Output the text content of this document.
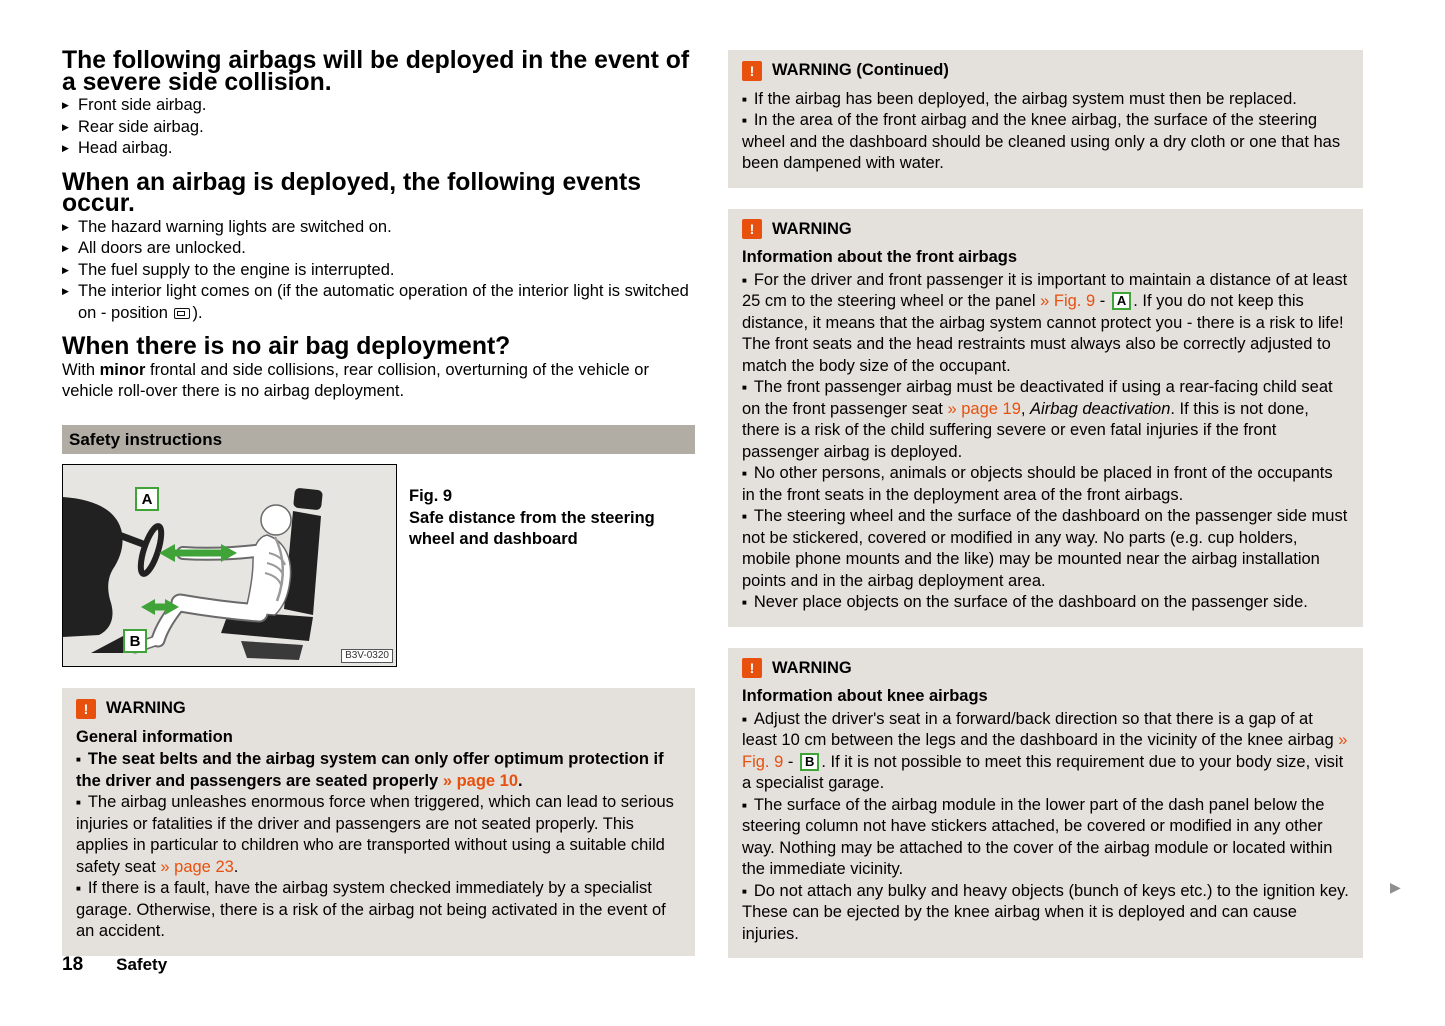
The following airbags will be deployed in the event of a severe side collision.
▶ Front side airbag.
▶ Rear side airbag.
▶ Head airbag.
When an airbag is deployed, the following events occur.
▶ The hazard warning lights are switched on.
▶ All doors are unlocked.
▶ The fuel supply to the engine is interrupted.
▶ The interior light comes on (if the automatic operation of the interior light is switched on - position ).
When there is no air bag deployment?

With minor frontal and side collisions, rear collision, overturning of the vehicle or vehicle roll-over there is no airbag deployment.

Safety instructions
A
B
B3V-0320
Fig. 9
Safe distance from the steering wheel and dashboard
!	WARNING
General information

■ The seat belts and the airbag system can only offer optimum protection if the driver and passengers are seated properly » page 10.

■ The airbag unleashes enormous force when triggered, which can lead to serious injuries or fatalities if the driver and passengers are not seated properly. This applies in particular to children who are transported without using a suitable child safety seat » page 23.

■ If there is a fault, have the airbag system checked immediately by a specialist garage. Otherwise, there is a risk of the airbag not being activated in the event of an accident.

!	WARNING (Continued)

■ If the airbag has been deployed, the airbag system must then be replaced.

■ In the area of the front airbag and the knee airbag, the surface of the steering wheel and the dashboard should be cleaned using only a dry cloth or one that has been dampened with water.

!	WARNING
Information about the front airbags

■ For the driver and front passenger it is important to maintain a distance of at least 25 cm to the steering wheel or the panel » Fig. 9 - A . If you do not keep this distance, it means that the airbag system cannot protect you - there is a risk to life! The front seats and the head restraints must always also be correctly adjusted to match the body size of the occupant.

■ The front passenger airbag must be deactivated if using a rear-facing child seat on the front passenger seat » page 19, Airbag deactivation. If this is not done, there is a risk of the child suffering severe or even fatal injuries if the front passenger airbag is deployed.

■ No other persons, animals or objects should be placed in front of the occupants in the front seats in the deployment area of the front airbags.

■ The steering wheel and the surface of the dashboard on the passenger side must not be stickered, covered or modified in any way. No parts (e.g. cup holders, mobile phone mounts and the like) may be mounted near the airbag installation points and in the airbag deployment area.

■ Never place objects on the surface of the dashboard on the passenger side.

!	WARNING
Information about knee airbags

■ Adjust the driver's seat in a forward/back direction so that there is a gap of at least 10 cm between the legs and the dashboard in the vicinity of the knee airbag » Fig. 9 - B . If it is not possible to meet this requirement due to your body size, visit a specialist garage.

■ The surface of the airbag module in the lower part of the dash panel below the steering column not have stickers attached, be covered or modified in any other way. Nothing may be attached to the cover of the airbag module or located within the immediate vicinity.

■ Do not attach any bulky and heavy objects (bunch of keys etc.) to the ignition key. These can be ejected by the knee airbag when it is deployed and can cause injuries.

▶
18 Safety
